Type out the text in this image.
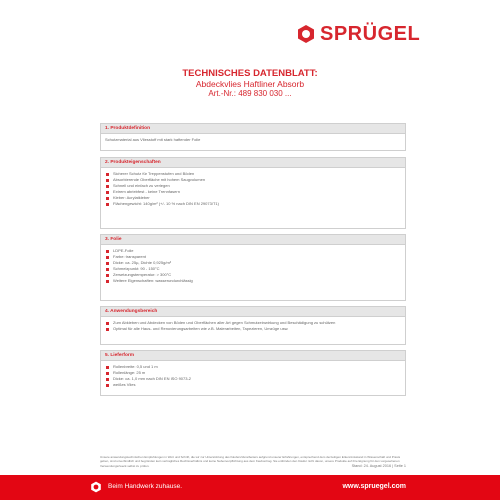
SPRÜGEL
TECHNISCHES DATENBLATT:
Abdeckvlies Haftliner Absorb
Art.-Nr.: 489 830 030 ...
1. Produktdefinition
Schutzmaterial aus Vliesstoff mit stark haftender Folie
2. Produkteigenschaften
Sicherer Schutz für Treppenstufen und Böden
Absorbierende Oberfläche mit hohem Saugvolumen
Schnell und einfach zu verlegen
Extrem abriebfest - keine Trennfasern
Kleber: Acrylatkleber
Flächengewicht: 140g/m² (+/- 10 % nach DIN EN 29073/T1)
3. Folie
LDPE-Folie
Farbe: transparent
Dicke: ca. 25µ, Dichte 0,925g/m³
Schmelzpunkt: 90 - 150°C
Zersetzungstemperatur: > 300°C
Weitere Eigenschaften: wasserundurchlässig
4. Anwendungsbereich
Zum Abkleben und Abdecken von Böden und Oberflächen aller Art gegen Schmutzeinwirkung und Beschädigung zu schützen
Optimal für alle Haus- und Renovierungsarbeiten wie z.B. Malerarbeiten, Tapezieren, Umzüge usw.
5. Lieferform
Rollenbreite: 0,5 und 1 m
Rollenlänge: 25 m
Dicke: ca. 1,0 mm nach DIN EN ISO 9073-2
weißes Vlies
Unsere anwendungstechnischen Empfehlungen in Wort und Schrift, die wir zur Unterstützung des Käufers/Verarbeiters aufgrund unserer Erfahrungen, entsprechend dem derzeitigen Erkenntnisstand in Wissenschaft und Praxis geben, sind unverbindlich und begründen kein vertragliches Rechtsverhältnis und keine Nebenverpflichtung aus dem Kaufvertrag. Sie entbinden den Käufer nicht davon, unsere Produkte auf ihre Eignung für den vorgesehenen Verwendungszweck selbst zu prüfen.	Stand: 24. August 2016 | Seite 1
Beim Handwerk zuhause.	www.spruegel.com
